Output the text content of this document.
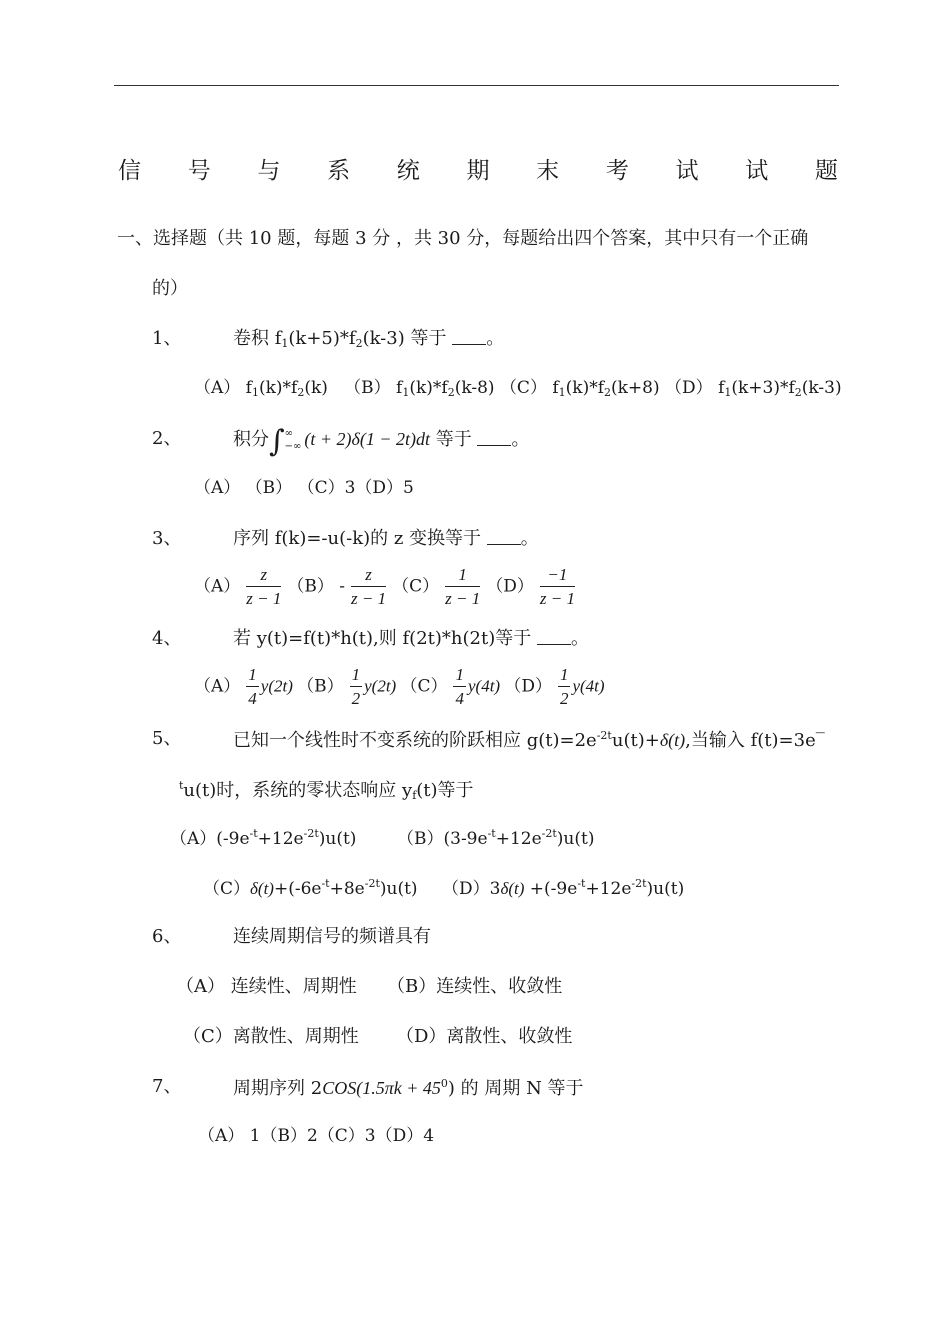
信 号 与 系 统 期 末 考 试 试 题
一、选择题（共 10 题，每题 3 分 ，共 30 分，每题给出四个答案，其中只有一个正确
的）
1、	卷积 $f_1(k+5)*f_2(k-3)$ 等于 。
（A） $f_1(k)*f_2(k)$ （B） $f_1(k)*f_2(k-8)$ （C） $f_1(k)*f_2(k+8)$ （D） $f_1(k+3)*f_2(k-3)$
2、	积分∫∞
−∞ (t + 2)δ(1 − 2t)dt 等于 。
（A） （B） （C）3（D）5
3、	序列 f(k)=-u(-k)的 z 变换等于 。
$(A) \frac{z}{z - 1} (B) - \frac{z}{z - 1} (C) \frac{1}{z - 1} (D) \frac{-1}{z - 1}$
4、	若 y(t)=f(t)*h(t),则 f(2t)*h(2t)等于 。
$(A) \frac{1}{4} y(2t)$ $(B) \frac{1}{2} y(2t)$ $(C) \frac{1}{4} y(4t)$ $(D) \frac{1}{2} y(4t)$
5、	已知一个线性时不变系统的阶跃相应 $g(t)=2e^{-2t}u(t)+\delta(t)$,当输入 f(t)=3e‾
$^t$u(t)时，系统的零状态响应 $y_f(t)$等于
$(A)(-9e^{-t}+12e^{-2t})u(t)$ $(B)(3-9e^{-t}+12e^{-2t})u(t)$
$(C)\delta(t)+(-6e^{-t}+8e^{-2t})u(t)$ $(D)3\delta(t) +(-9e^{-t}+12e^{-2t})u(t)$
6、	连续周期信号的频谱具有
（A） 连续性、周期性 （B）连续性、收敛性
（C）离散性、周期性 （D）离散性、收敛性
7、	周期序列 $2COS(1.5\pi k + 45^0)$ 的 周期 N 等于
（A） 1（B）2（C）3（D）4
